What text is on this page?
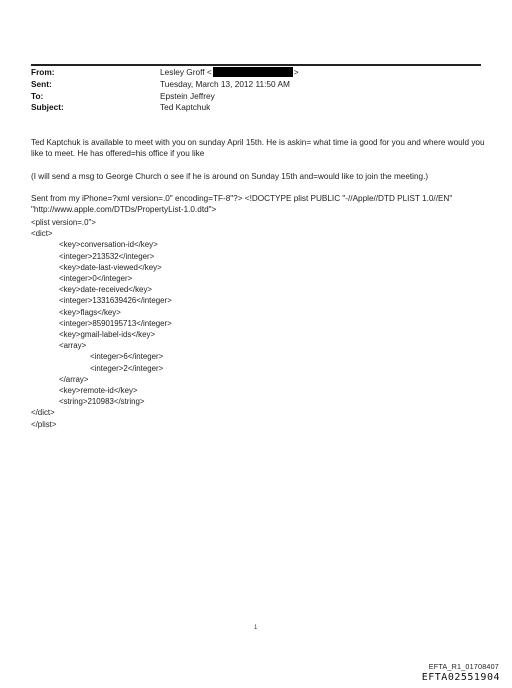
From:	Lesley Groff <	>
Sent:	Tuesday, March 13, 2012 11:50 AM
To:	Epstein Jeffrey
Subject:	Ted Kaptchuk
Ted Kaptchuk is available to meet with you on sunday April 15th. He is askin= what time ia good for you and where would you like to meet. He has offered=his office if you like
(I will send a msg to George Church o see if he is around on Sunday 15th and=would like to join the meeting.)
Sent from my iPhone=?xml version=.0" encoding=TF-8"?> <!DOCTYPE plist PUBLIC "-//Apple//DTD PLIST 1.0//EN"
"http://www.apple.com/DTDs/PropertyList-1.0.dtd">
<plist version=.0">
<dict>
<key>conversation-id</key>
<integer>213532</integer>
<key>date-last-viewed</key>
<integer>0</integer>
<key>date-received</key>
<integer>1331639426</integer>
<key>flags</key>
<integer>8590195713</integer>
<key>gmail-label-ids</key>
<array>
<integer>6</integer>
<integer>2</integer>
</array>
<key>remote-id</key>
<string>210983</string>
</dict>
</plist>
1
EFTA_R1_01708407
EFTA02551904
